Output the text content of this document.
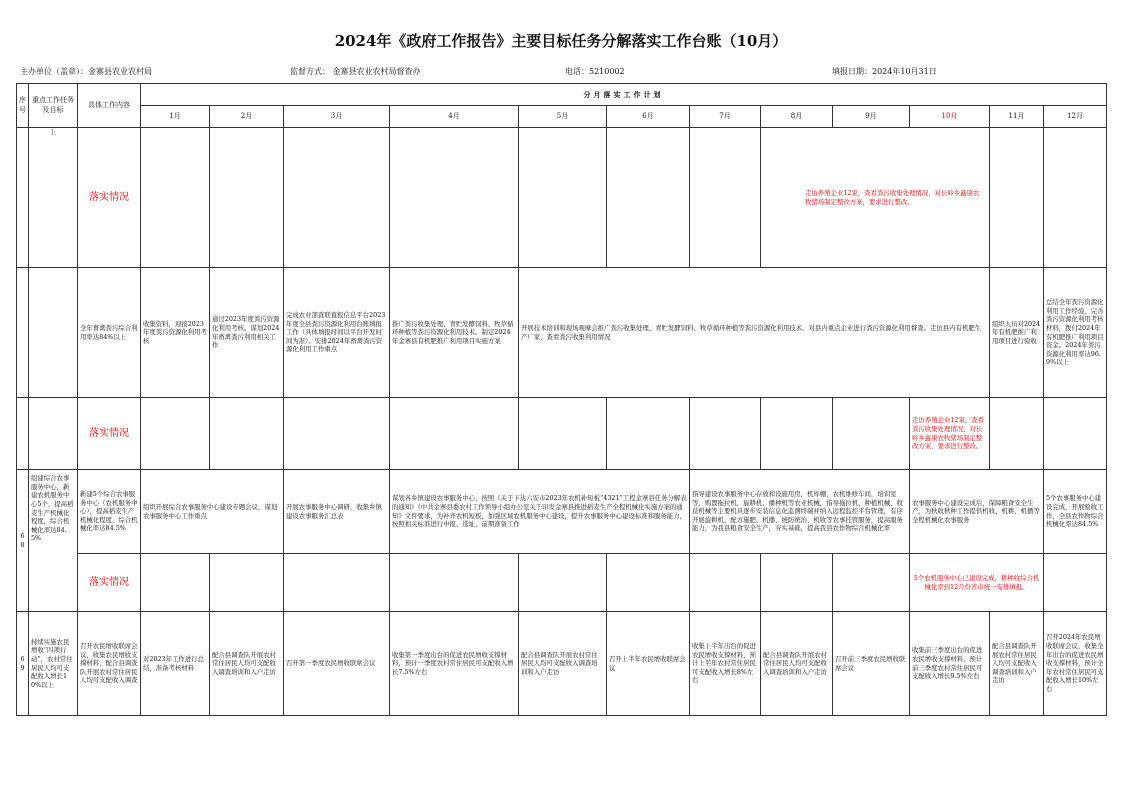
2024年《政府工作报告》主要目标任务分解落实工作台账（10月）
主办单位（盖章）：金寨县农业农村局	监督方式： 金寨县农业农村局督查办	电话：5210002	填报日期：2024年10月31日
序号	重点工作任务及目标	具体工作内容	分月落实工作计划											
			1月	2月	3月	4月	5月	6月	7月	8月	9月	10月	11月	12月
	上	落实情况								走访养殖企业12家，查看粪污收集处理情况，对长岭乡鑫康农牧猪场制定整改方案，要求进行整改。				
		全年畜禽粪污综合利用率达84%以上	收集资料，迎接2023年度粪污资源化利用考核	通过2023年度粪污资源化利用考核。谋划2024年畜禽粪污利用相关工作	完成农业部直联直报信息平台2023年度全县粪污资源化利用台账填报工作（具体填报时间以平台开发时间为准）。安排2024年畜禽粪污资源化利用工作重点	推广粪污收集处理、青贮发酵饲料、牧草循环种植等粪污资源化利用技术。制定2024年金寨县有机肥推广利用项目实施方案	开展技术培训和现场观摩会推广粪污收集处理、青贮发酵饲料、牧草循环种植等粪污资源化利用技术。对县内重点企业进行粪污资源化利用督查。走访县内有机肥生产厂家，查看粪污收集利用情况						组织人员对2024年有机肥推广利用项目进行验收	总结全年粪污资源化利用工作经验，完善粪污资源化利用考核材料，拨付2024年有机肥推广利用项目资金。2024年粪污资源化利用率达96.9%以上
		落实情况										走访养殖企业12家，查看粪污收集处理情况，对长岭乡鑫康农牧猪场制定整改方案，要求进行整改。		
68	组建综合农事服务中心，新建农机服务中心5个，提高稻麦生产机械化程度，综合机械化率达84.5%	新建5个综合农事服务中心（农机服务中心），提高稻麦生产机械化程度，综合机械化率达84.5%	组织开展综合农事服务中心建设专题会议，谋划农事服务中心工作重点		开展农事服务中心调研，收集乡镇建设农事服务汇总表	谋划各乡镇建设农事服务中心，按照《关于下达六安市2023年农机补短板“4321”工程金寨县任务分解表的通知》《中共金寨县委农村工作领导小组办公室关于印发金寨县推进稻麦生产全程机械化实施方案的通知》文件要求，为补齐农机短板，加强区域农机服务中心建设，提升农事服务中心建设标准和服务能力，按照相关标准进行申报、选址，前期准备工作			指导建设农事服务中心存放和设施用房，机库棚，农机维修车间，培训室等，购置拖拉机，旋耕机、播种机等农业机械，指导拖拉机、种植机械、收获机械等主要机具逐步安装信息化监测终端并纳入远程监控平台管理，有序开展旋耕机、配方施肥、机播、统防统治、机收等农事托管服务，提高服务能力，为我县粮食安全生产，夯实基础，提高我县农作物综合机械化率			农事服务中心建设完成后，保障粮食安全生产，为秋收秋种工作提供机收、机耕、机播等全程机械化农事服务		5个农事服务中心建设完成，开展验收工作，全县农作物综合机械化率达84.5%
		落实情况										5个农机服务中心已建设完成，耕种收综合机械化率到12月份省市统一安排填报。		
69	持续实施农民增收“四项行动”，农村常住居民人均可支配收入增长10%以上	召开农民增收联席会议，收集农民增收支撑材料，配合县调查队开展农村常住居民人均可支配收入调查	对2023年工作进行总结，准备考核材料	配合县调查队开展农村常住居民人均可支配收入调查培训和入户走访	召开第一季度农民增收联席会议	收集第一季度出台的促进农民增收支撑材料，预计一季度农村常住居民可支配收入增长7.5%左右	配合县调查队开展农村常住居民人均可支配收入调查培训和入户走访	召开上半年农民增收联席会议	收集上半年出台的促进农民增收支撑材料，预计上半年农村常住居民可支配收入增长8%左右	配合县调查队开展农村常住居民人均可支配收入调查培训和入户走访	召开前三季度农民增收联席会议	收集前三季度出台的促进农民增收支撑材料，预计前三季度农村常住居民可支配收入增长9.5%左右	配合县调查队开展农村常住居民人均可支配收入调查培训和入户走访	召开2024年农民增收联席会议，收集全年出台的促进农民增收支撑材料，预计全年农村常住居民可支配收入增长10%左右
